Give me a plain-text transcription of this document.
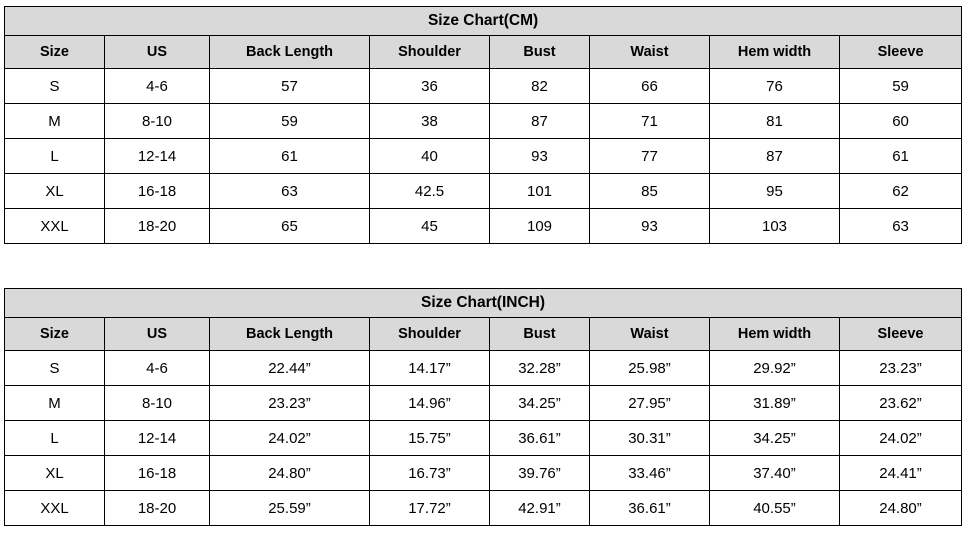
Size Chart(CM)							
Size	US	Back Length	Shoulder	Bust	Waist	Hem width	Sleeve
S	4-6	57	36	82	66	76	59
M	8-10	59	38	87	71	81	60
L	12-14	61	40	93	77	87	61
XL	16-18	63	42.5	101	85	95	62
XXL	18-20	65	45	109	93	103	63
Size Chart(INCH)							
Size	US	Back Length	Shoulder	Bust	Waist	Hem width	Sleeve
S	4-6	22.44”	14.17”	32.28”	25.98”	29.92”	23.23”
M	8-10	23.23”	14.96”	34.25”	27.95”	31.89”	23.62”
L	12-14	24.02”	15.75”	36.61”	30.31”	34.25”	24.02”
XL	16-18	24.80”	16.73”	39.76”	33.46”	37.40”	24.41”
XXL	18-20	25.59”	17.72”	42.91”	36.61”	40.55”	24.80”
